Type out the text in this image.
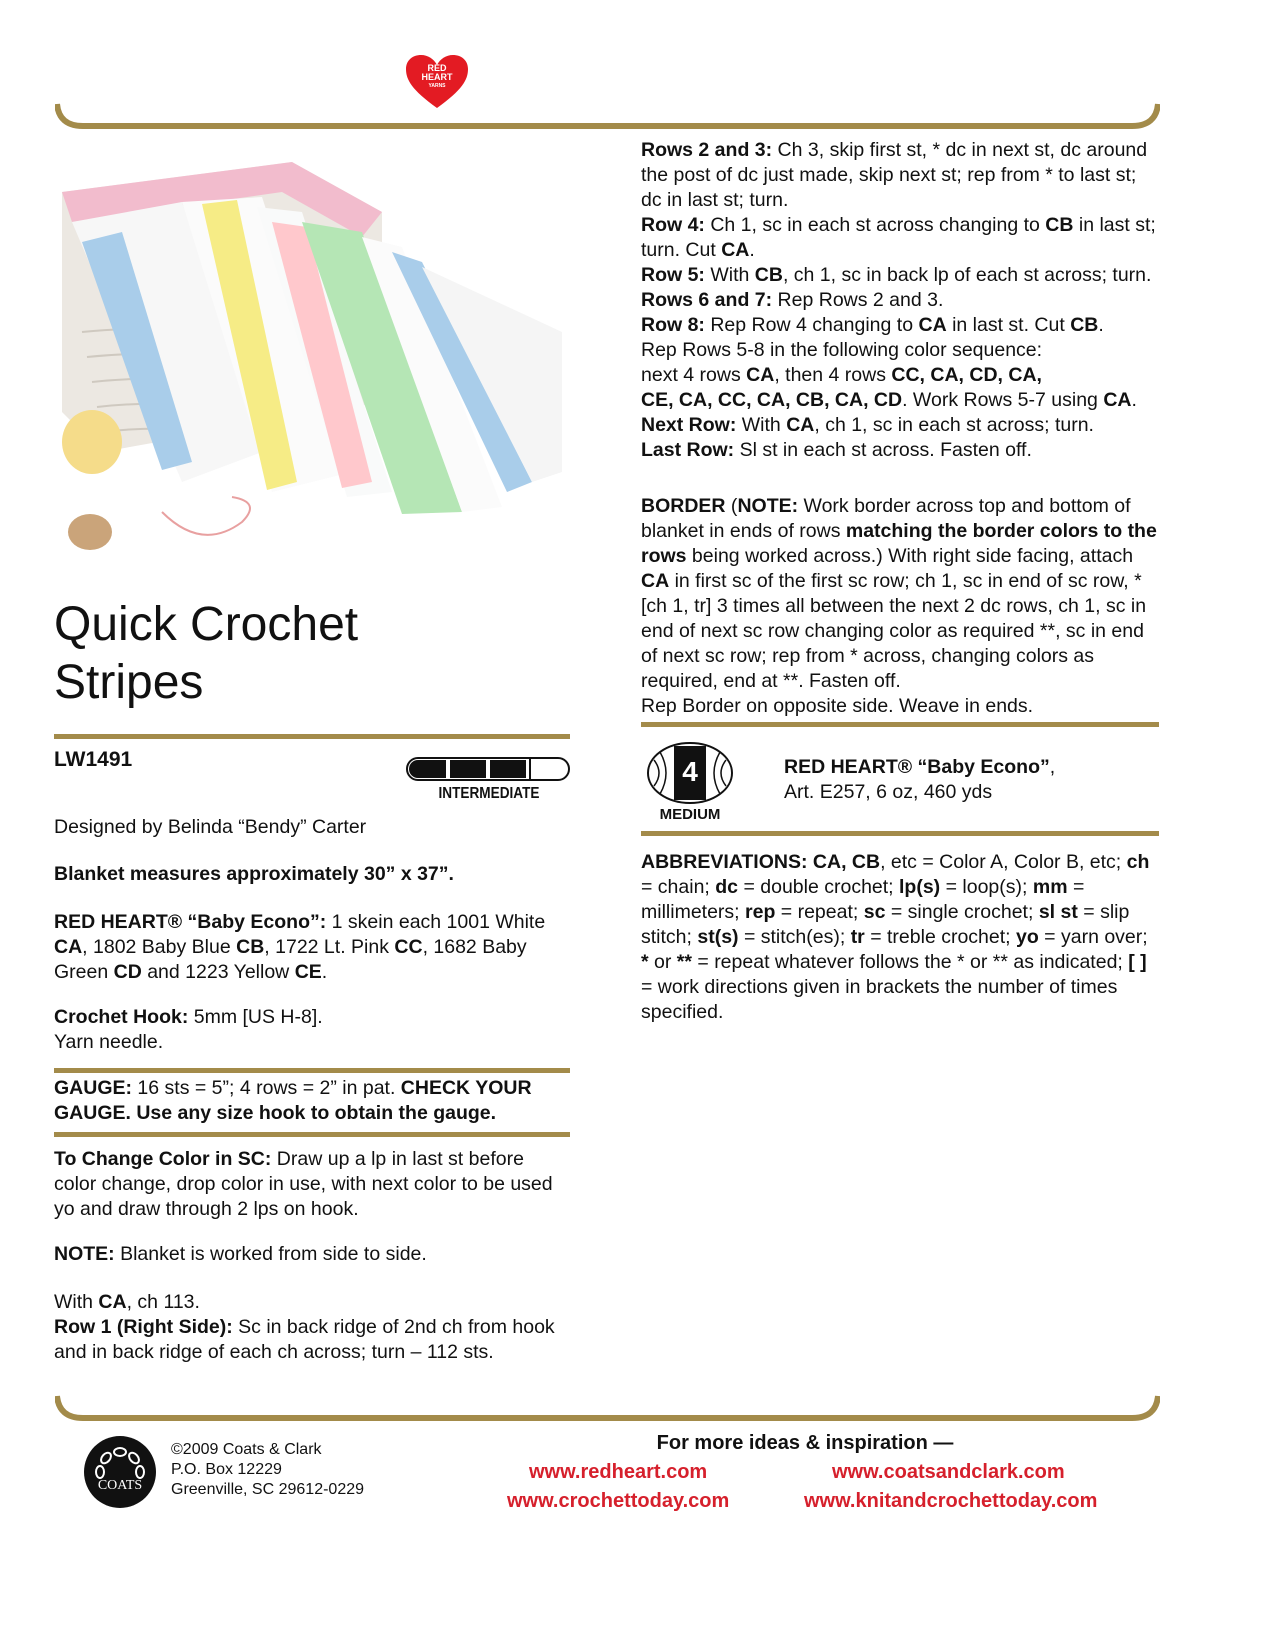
RED
HEART
YARNS
Quick Crochet
Stripes
LW1491
INTERMEDIATE
Designed by Belinda “Bendy” Carter
Blanket measures approximately 30” x 37”.
RED HEART® “Baby Econo”: 1 skein each 1001 White CA, 1802 Baby Blue CB, 1722 Lt. Pink CC, 1682 Baby Green CD and 1223 Yellow CE.
Crochet Hook: 5mm [US H-8].
Yarn needle.
GAUGE: 16 sts = 5”; 4 rows = 2” in pat. CHECK YOUR GAUGE. Use any size hook to obtain the gauge.
To Change Color in SC: Draw up a lp in last st before color change, drop color in use, with next color to be used yo and draw through 2 lps on hook.
NOTE: Blanket is worked from side to side.
With CA, ch 113.
Row 1 (Right Side): Sc in back ridge of 2nd ch from hook and in back ridge of each ch across; turn – 112 sts.
Rows 2 and 3: Ch 3, skip first st, * dc in next st, dc around the post of dc just made, skip next st; rep from * to last st; dc in last st; turn.
Row 4: Ch 1, sc in each st across changing to CB in last st; turn. Cut CA.
Row 5: With CB, ch 1, sc in back lp of each st across; turn.
Rows 6 and 7: Rep Rows 2 and 3.
Row 8: Rep Row 4 changing to CA in last st. Cut CB.
Rep Rows 5-8 in the following color sequence:
next 4 rows CA, then 4 rows CC, CA, CD, CA,
CE, CA, CC, CA, CB, CA, CD. Work Rows 5-7 using CA.
Next Row: With CA, ch 1, sc in each st across; turn.
Last Row: Sl st in each st across. Fasten off.
BORDER (NOTE: Work border across top and bottom of blanket in ends of rows matching the border colors to the rows being worked across.) With right side facing, attach CA in first sc of the first sc row; ch 1, sc in end of sc row, * [ch 1, tr] 3 times all between the next 2 dc rows, ch 1, sc in end of next sc row changing color as required **, sc in end of next sc row; rep from * across, changing colors as required, end at **. Fasten off.
Rep Border on opposite side. Weave in ends.
4
MEDIUM
RED HEART® “Baby Econo”,
Art. E257, 6 oz, 460 yds
ABBREVIATIONS: CA, CB, etc = Color A, Color B, etc; ch = chain; dc = double crochet; lp(s) = loop(s); mm = millimeters; rep = repeat; sc = single crochet; sl st = slip stitch; st(s) = stitch(es); tr = treble crochet; yo = yarn over; * or ** = repeat whatever follows the * or ** as indicated; [ ] = work directions given in brackets the number of times specified.
COATS
©2009 Coats & Clark
P.O. Box 12229
Greenville, SC 29612-0229
For more ideas & inspiration —
www.redheart.com	www.coatsandclark.com
www.crochettoday.com	www.knitandcrochettoday.com
